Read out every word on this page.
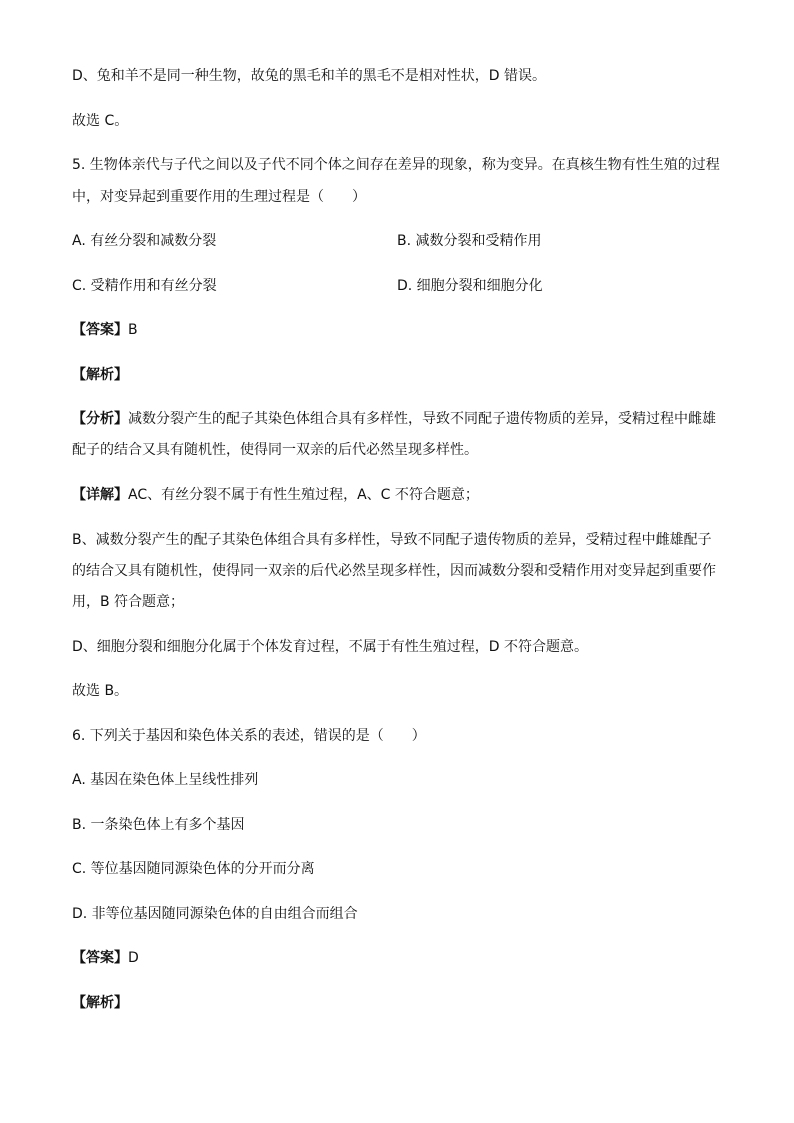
D、兔和羊不是同一种生物，故兔的黑毛和羊的黑毛不是相对性状，D 错误。
故选 C。
5. 生物体亲代与子代之间以及子代不同个体之间存在差异的现象，称为变异。在真核生物有性生殖的过程
中，对变异起到重要作用的生理过程是（　　）
A. 有丝分裂和减数分裂	B. 减数分裂和受精作用
C. 受精作用和有丝分裂	D. 细胞分裂和细胞分化
【答案】B
【解析】
【分析】减数分裂产生的配子其染色体组合具有多样性，导致不同配子遗传物质的差异，受精过程中雌雄
配子的结合又具有随机性，使得同一双亲的后代必然呈现多样性。
【详解】AC、有丝分裂不属于有性生殖过程，A、C 不符合题意；
B、减数分裂产生的配子其染色体组合具有多样性，导致不同配子遗传物质的差异，受精过程中雌雄配子
的结合又具有随机性，使得同一双亲的后代必然呈现多样性，因而减数分裂和受精作用对变异起到重要作
用，B 符合题意；
D、细胞分裂和细胞分化属于个体发育过程，不属于有性生殖过程，D 不符合题意。
故选 B。
6. 下列关于基因和染色体关系的表述，错误的是（　　）
A. 基因在染色体上呈线性排列
B. 一条染色体上有多个基因
C. 等位基因随同源染色体的分开而分离
D. 非等位基因随同源染色体的自由组合而组合
【答案】D
【解析】
